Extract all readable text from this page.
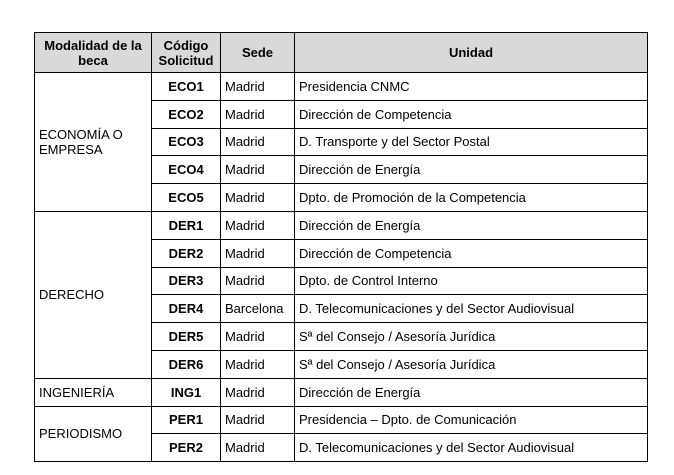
Modalidad de la beca	Código Solicitud	Sede	Unidad
ECONOMÍA O EMPRESA	ECO1	Madrid	Presidencia CNMC
	ECO2	Madrid	Dirección de Competencia
	ECO3	Madrid	D. Transporte y del Sector Postal
	ECO4	Madrid	Dirección de Energía
	ECO5	Madrid	Dpto. de Promoción de la Competencia
DERECHO	DER1	Madrid	Dirección de Energía
	DER2	Madrid	Dirección de Competencia
	DER3	Madrid	Dpto. de Control Interno
	DER4	Barcelona	D. Telecomunicaciones y del Sector Audiovisual
	DER5	Madrid	Sª del Consejo / Asesoría Jurídica
	DER6	Madrid	Sª del Consejo / Asesoría Jurídica
INGENIERÍA	ING1	Madrid	Dirección de Energía
PERIODISMO	PER1	Madrid	Presidencia – Dpto. de Comunicación
	PER2	Madrid	D. Telecomunicaciones y del Sector Audiovisual
